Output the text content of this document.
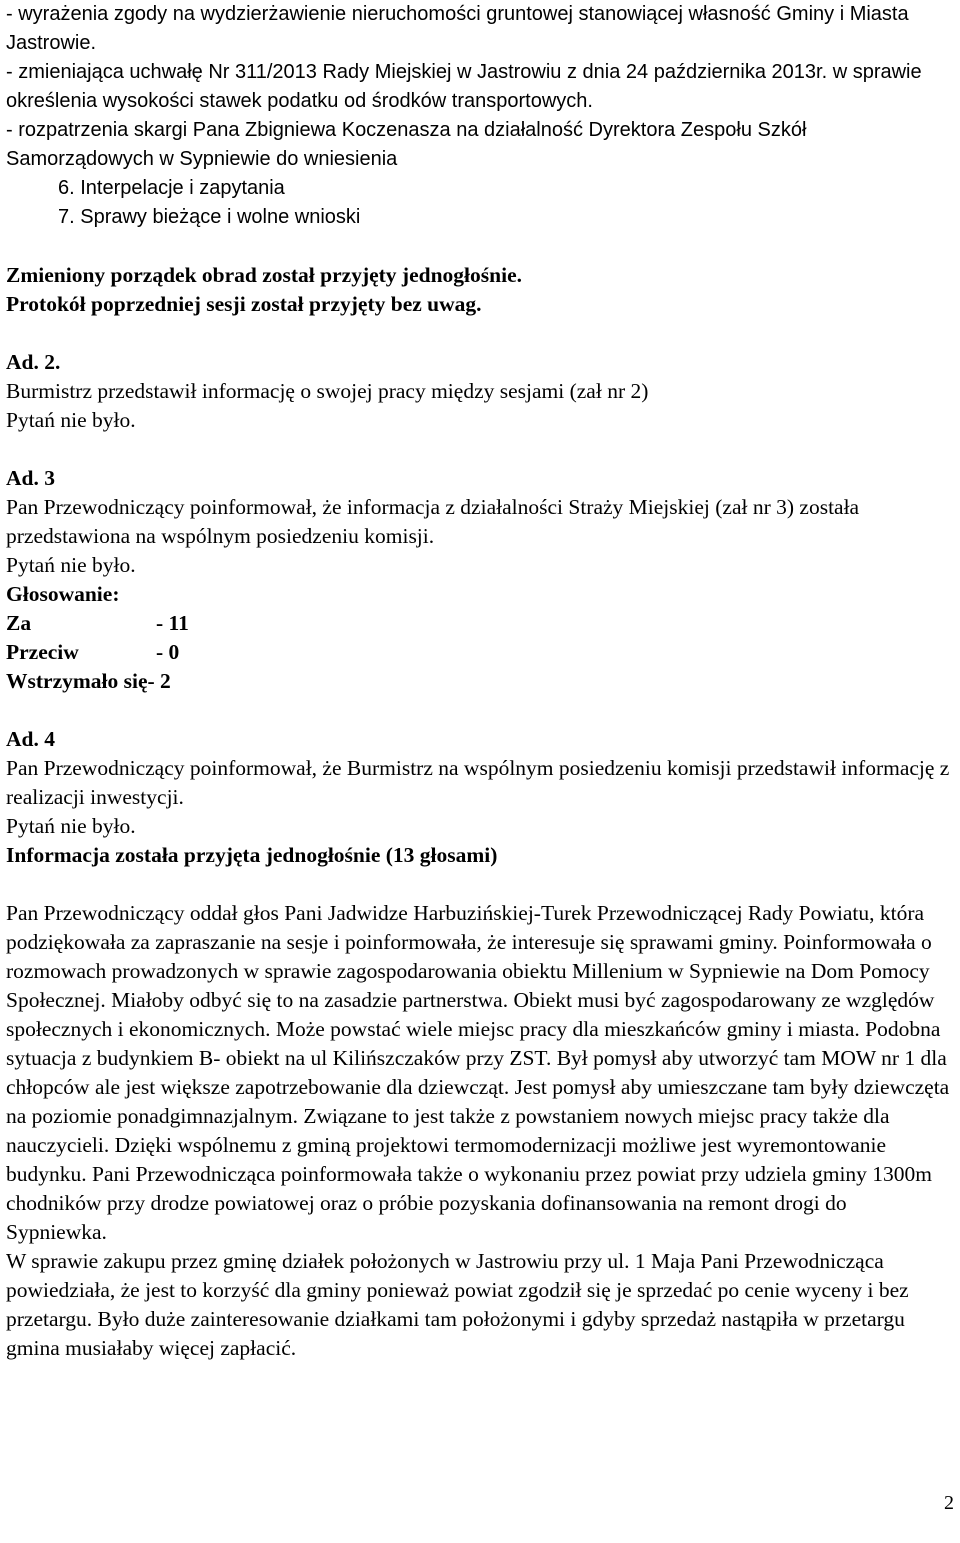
- wyrażenia zgody na wydzierżawienie nieruchomości gruntowej stanowiącej własność Gminy i Miasta Jastrowie.

- zmieniająca uchwałę Nr 311/2013 Rady Miejskiej w Jastrowiu z dnia 24 października 2013r. w sprawie określenia wysokości stawek podatku od środków transportowych.

- rozpatrzenia skargi Pana Zbigniewa Koczenasza na działalność Dyrektora Zespołu Szkół Samorządowych w Sypniewie do wniesienia

6. Interpelacje i zapytania

7. Sprawy bieżące i wolne wnioski

Zmieniony porządek obrad został przyjęty jednogłośnie.

Protokół poprzedniej sesji został przyjęty bez uwag.

Ad. 2.

Burmistrz przedstawił informację o swojej pracy między sesjami (zał nr 2)

Pytań nie było.

Ad. 3

Pan Przewodniczący poinformował, że informacja z działalności Straży Miejskiej (zał nr 3) została przedstawiona na wspólnym posiedzeniu komisji.

Pytań nie było.

Głosowanie:

Za	- 11
Przeciw	- 0

Wstrzymało się- 2

Ad. 4

Pan Przewodniczący poinformował, że Burmistrz na wspólnym posiedzeniu komisji przedstawił informację z realizacji inwestycji.

Pytań nie było.

Informacja została przyjęta jednogłośnie (13 głosami)

Pan Przewodniczący oddał głos Pani Jadwidze Harbuzińskiej-Turek Przewodniczącej Rady Powiatu, która podziękowała za zapraszanie na sesje i poinformowała, że interesuje się sprawami gminy. Poinformowała o rozmowach prowadzonych w sprawie zagospodarowania obiektu Millenium w Sypniewie na Dom Pomocy Społecznej. Miałoby odbyć się to na zasadzie partnerstwa. Obiekt musi być zagospodarowany ze względów społecznych i ekonomicznych. Może powstać wiele miejsc pracy dla mieszkańców gminy i miasta. Podobna sytuacja z budynkiem B- obiekt na ul Kilińszczaków przy ZST. Był pomysł aby utworzyć tam MOW nr 1 dla chłopców ale jest większe zapotrzebowanie dla dziewcząt. Jest pomysł aby umieszczane tam były dziewczęta na poziomie ponadgimnazjalnym. Związane to jest także z powstaniem nowych miejsc pracy także dla nauczycieli. Dzięki wspólnemu z gminą projektowi termomodernizacji możliwe jest wyremontowanie budynku. Pani Przewodnicząca poinformowała także o wykonaniu przez powiat przy udziela gminy 1300m chodników przy drodze powiatowej oraz o próbie pozyskania dofinansowania na remont drogi do Sypniewka.

W sprawie zakupu przez gminę działek położonych w Jastrowiu przy ul. 1 Maja Pani Przewodnicząca powiedziała, że jest to korzyść dla gminy ponieważ powiat zgodził się je sprzedać po cenie wyceny i bez przetargu. Było duże zainteresowanie działkami tam położonymi i gdyby sprzedaż nastąpiła w przetargu gmina musiałaby więcej zapłacić.

2
